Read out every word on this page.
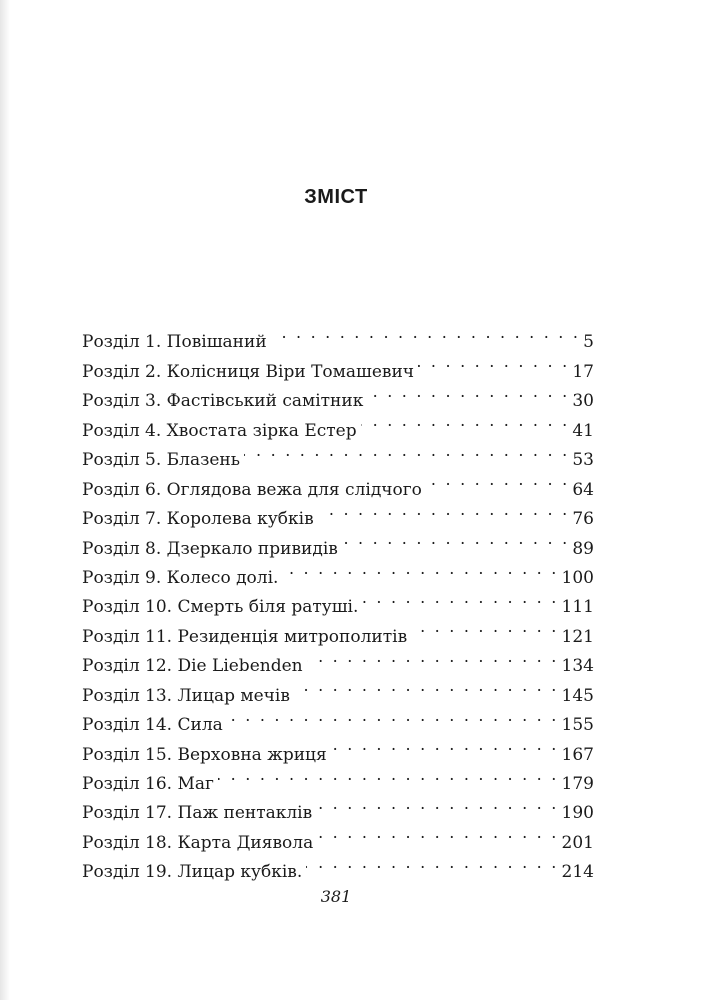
ЗМІСТ
Розділ 1. Повішаний . . .	5
Розділ 2. Колісниця Віри Томашевич . . .	17
Розділ 3. Фастівський самітник . . .	30
Розділ 4. Хвостата зірка Естер . . .	41
Розділ 5. Блазень . . .	53
Розділ 6. Оглядова вежа для слідчого . . .	64
Розділ 7. Королева кубків . . .	76
Розділ 8. Дзеркало привидів . . .	89
Розділ 9. Колесо долі. . . .	100
Розділ 10. Смерть біля ратуші. . . .	111
Розділ 11. Резиденція митрополитів . . .	121
Розділ 12. Die Liebenden . . .	134
Розділ 13. Лицар мечів . . .	145
Розділ 14. Сила . . .	155
Розділ 15. Верховна жриця . . .	167
Розділ 16. Маг . . .	179
Розділ 17. Паж пентаклів . . .	190
Розділ 18. Карта Диявола . . .	201
Розділ 19. Лицар кубків. . . .	214
381
